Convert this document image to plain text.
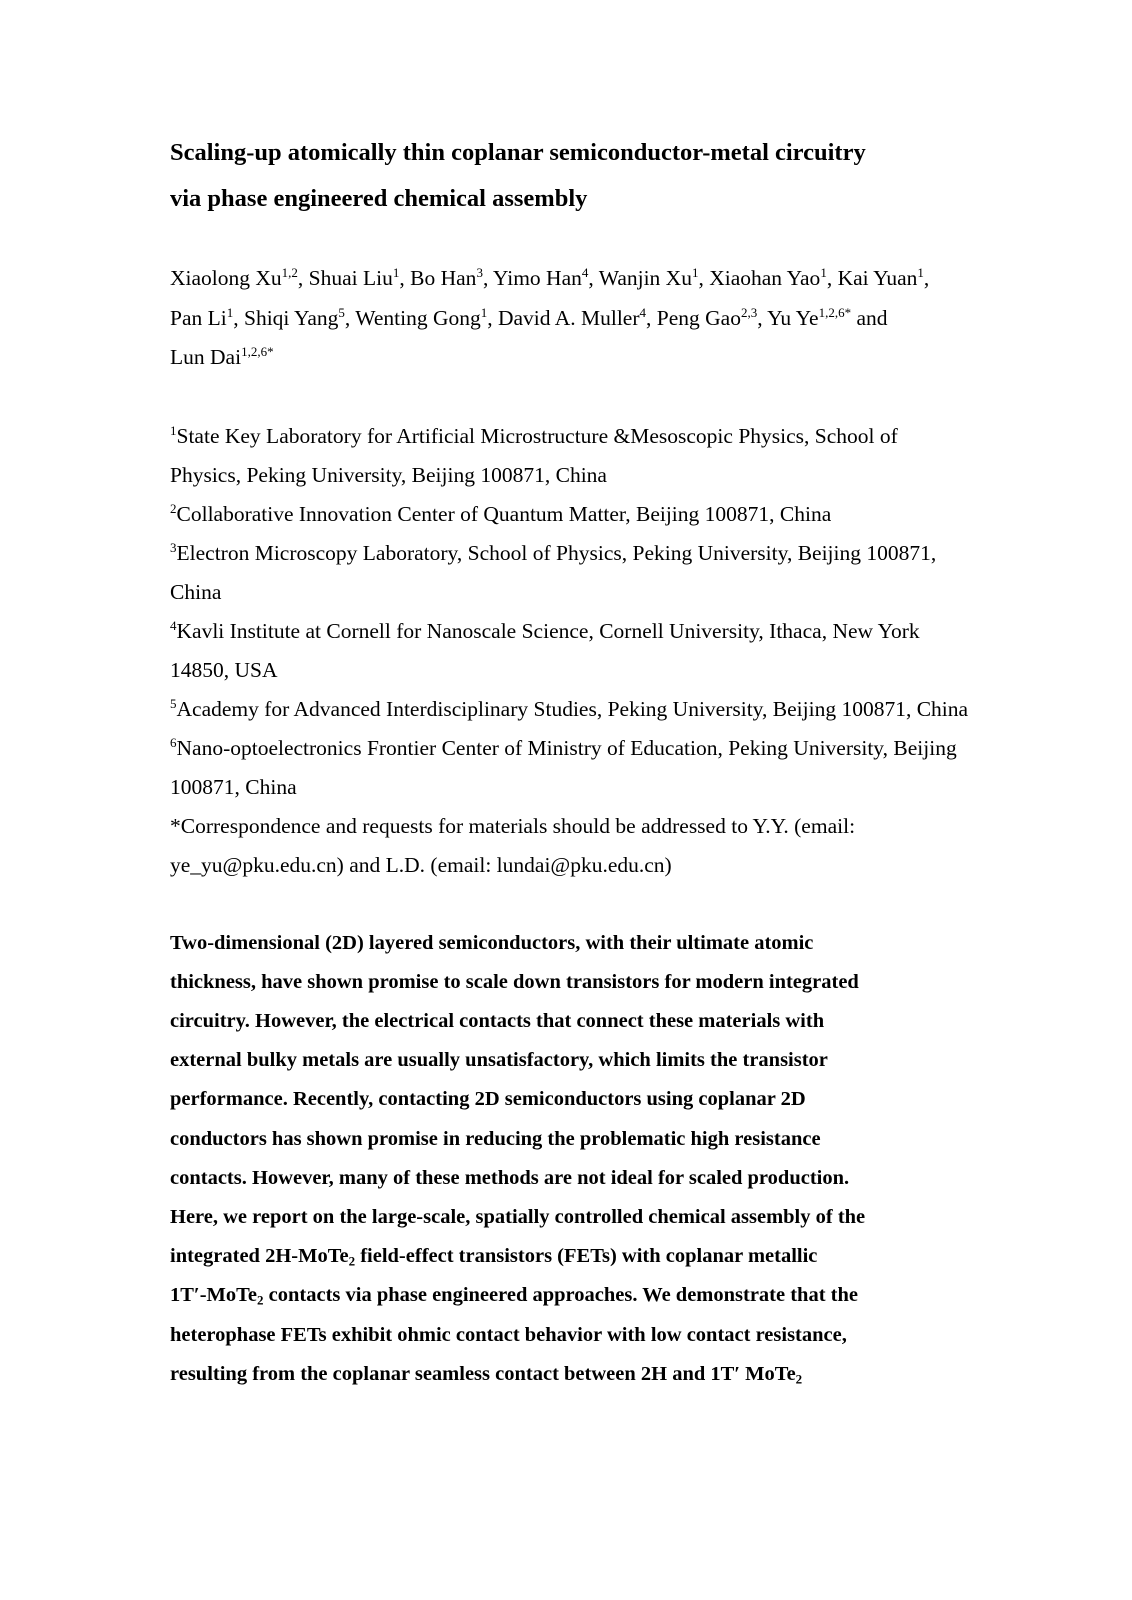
Scaling-up atomically thin coplanar semiconductor-metal circuitry
via phase engineered chemical assembly
Xiaolong Xu$^{1,2}$, Shuai Liu$^1$, Bo Han$^3$, Yimo Han$^4$, Wanjin Xu$^1$, Xiaohan Yao$^1$, Kai Yuan$^1$, Pan Li$^1$, Shiqi Yang$^5$, Wenting Gong$^1$, David A. Muller$^4$, Peng Gao$^{2,3}$, Yu $Ye^{1,2,6*}$ and Lun Dai$^{1,2,6*}$
$^1$State Key Laboratory for Artificial Microstructure &Mesoscopic Physics, School of Physics, Peking University, Beijing 100871, China
$^2$Collaborative Innovation Center of Quantum Matter, Beijing 100871, China
$^3$Electron Microscopy Laboratory, School of Physics, Peking University, Beijing 100871, China
$^4$Kavli Institute at Cornell for Nanoscale Science, Cornell University, Ithaca, New York 14850, USA
$^5$Academy for Advanced Interdisciplinary Studies, Peking University, Beijing 100871, China
$^6$Nano-optoelectronics Frontier Center of Ministry of Education, Peking University, Beijing 100871, China
*Correspondence and requests for materials should be addressed to Y.Y. (email: ye_yu@pku.edu.cn) and L.D. (email: lundai@pku.edu.cn)
Two-dimensional (2D) layered semiconductors, with their ultimate atomic
thickness, have shown promise to scale down transistors for modern integrated
circuitry. However, the electrical contacts that connect these materials with
external bulky metals are usually unsatisfactory, which limits the transistor
performance. Recently, contacting 2D semiconductors using coplanar 2D
conductors has shown promise in reducing the problematic high resistance
contacts. However, many of these methods are not ideal for scaled production.
Here, we report on the large-scale, spatially controlled chemical assembly of the
integrated 2H-MoTe$_2$ field-effect transistors (FETs) with coplanar metallic
1T′-MoTe$_2$ contacts via phase engineered approaches. We demonstrate that the
heterophase FETs exhibit ohmic contact behavior with low contact resistance,
resulting from the coplanar seamless contact between 2H and 1T′ MoTe$_2$
